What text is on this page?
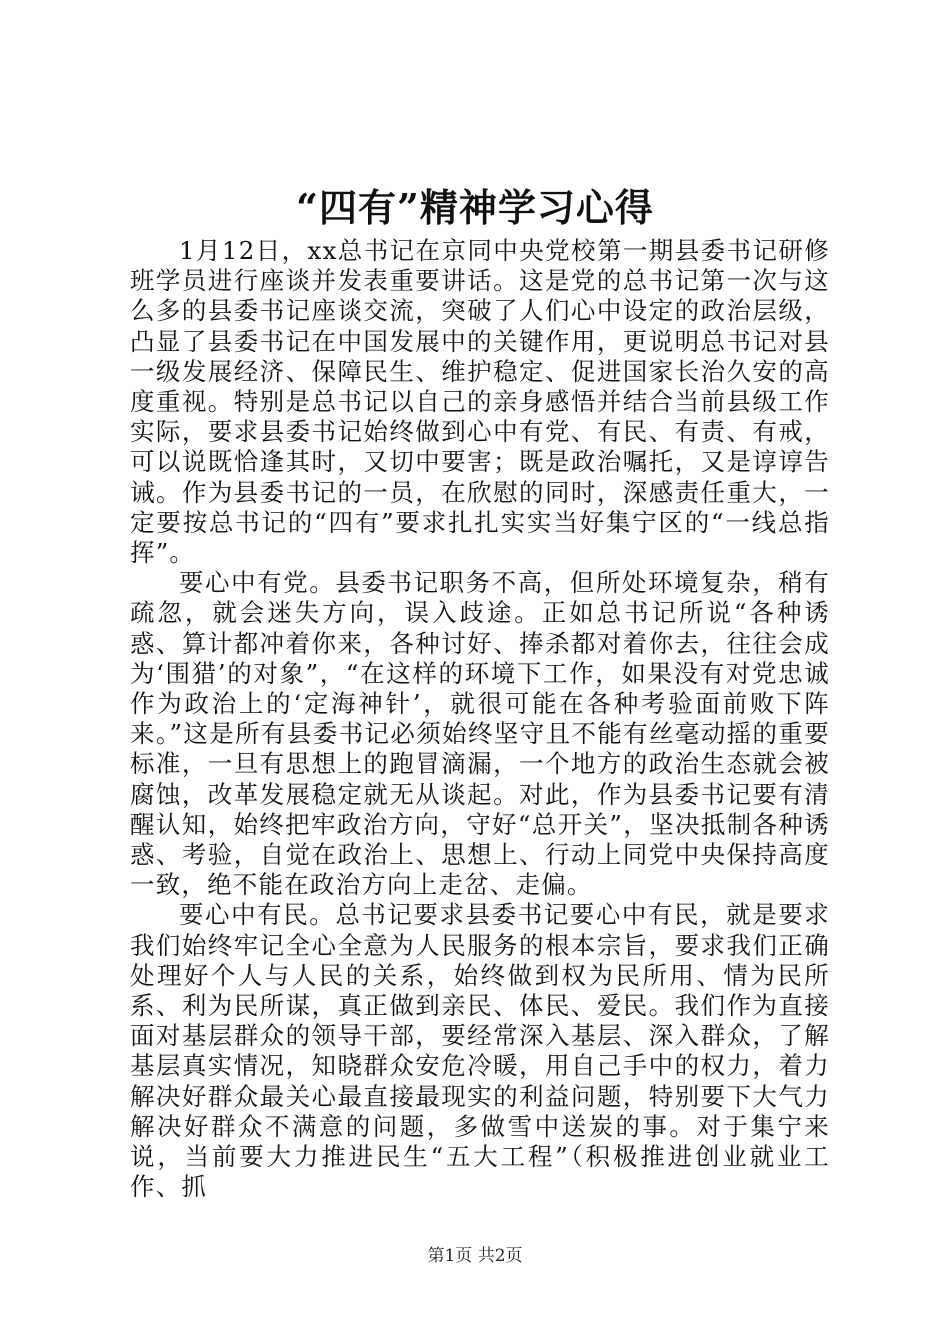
“四有”精神学习心得

1月12日，xx总书记在京同中央党校第一期县委书记研修班学员进行座谈并发表重要讲话。这是党的总书记第一次与这么多的县委书记座谈交流，突破了人们心中设定的政治层级，凸显了县委书记在中国发展中的关键作用，更说明总书记对县一级发展经济、保障民生、维护稳定、促进国家长治久安的高度重视。特别是总书记以自己的亲身感悟并结合当前县级工作实际，要求县委书记始终做到心中有党、有民、有责、有戒，可以说既恰逢其时，又切中要害；既是政治嘱托，又是谆谆告诫。作为县委书记的一员，在欣慰的同时，深感责任重大，一定要按总书记的“四有”要求扎扎实实当好集宁区的“一线总指挥”。

要心中有党。县委书记职务不高，但所处环境复杂，稍有疏忽，就会迷失方向，误入歧途。正如总书记所说“各种诱惑、算计都冲着你来，各种讨好、捧杀都对着你去，往往会成为‘围猎’的对象”，“在这样的环境下工作，如果没有对党忠诚作为政治上的‘定海神针’，就很可能在各种考验面前败下阵来。”这是所有县委书记必须始终坚守且不能有丝毫动摇的重要标准，一旦有思想上的跑冒滴漏，一个地方的政治生态就会被腐蚀，改革发展稳定就无从谈起。对此，作为县委书记要有清醒认知，始终把牢政治方向，守好“总开关”，坚决抵制各种诱惑、考验，自觉在政治上、思想上、行动上同党中央保持高度一致，绝不能在政治方向上走岔、走偏。

要心中有民。总书记要求县委书记要心中有民，就是要求我们始终牢记全心全意为人民服务的根本宗旨，要求我们正确处理好个人与人民的关系，始终做到权为民所用、情为民所系、利为民所谋，真正做到亲民、体民、爱民。我们作为直接面对基层群众的领导干部，要经常深入基层、深入群众，了解基层真实情况，知晓群众安危冷暖，用自己手中的权力，着力解决好群众最关心最直接最现实的利益问题，特别要下大气力解决好群众不满意的问题，多做雪中送炭的事。对于集宁来说，当前要大力推进民生“五大工程”（积极推进创业就业工作、抓

第1页 共2页
